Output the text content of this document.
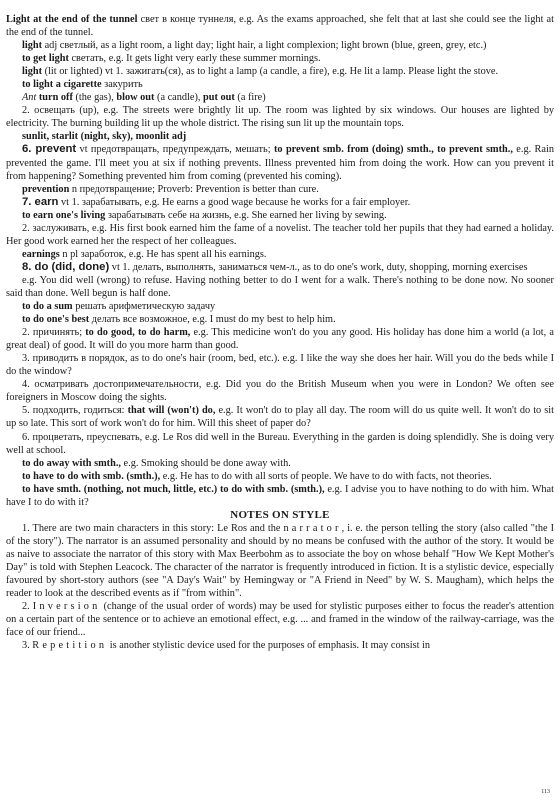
Light at the end of the tunnel свет в конце туннеля, e.g. As the exams approached, she felt that at last she could see the light at the end of the tunnel.

light adj светлый, as a light room, a light day; light hair, a light complexion; light brown (blue, green, grey, etc.)

to get light светать, e.g. It gets light very early these summer mornings.

light (lit or lighted) vt 1. зажигать(ся), as to light a lamp (a candle, a fire), e.g. He lit a lamp. Please light the stove.

to light a cigarette закурить

Ant turn off (the gas), blow out (a candle), put out (a fire)

2. освещать (up), e.g. The streets were brightly lit up. The room was lighted by six windows. Our houses are lighted by electricity. The burning building lit up the whole district. The rising sun lit up the mountain tops.

sunlit, starlit (night, sky), moonlit adj

6. prevent vt предотвращать, предупреждать, мешать; to prevent smb. from (doing) smth., to prevent smth., e.g. Rain prevented the game. I'll meet you at six if nothing prevents. Illness prevented him from doing the work. How can you prevent it from happening? Something prevented him from coming (prevented his coming).

prevention n предотвращение; Proverb: Prevention is better than cure.

7. earn vt 1. зарабатывать, e.g. He earns a good wage because he works for a fair employer.

to earn one's living зарабатывать себе на жизнь, e.g. She earned her living by sewing.

2. заслуживать, e.g. His first book earned him the fame of a novelist. The teacher told her pupils that they had earned a holiday. Her good work earned her the respect of her colleagues.

earnings n pl заработок, e.g. He has spent all his earnings.

8. do (did, done) vt 1. делать, выполнять, заниматься чем-л., as to do one's work, duty, shopping, morning exercises

e.g. You did well (wrong) to refuse. Having nothing better to do I went for a walk. There's nothing to be done now. No sooner said than done. Well begun is half done.

to do a sum решать арифметическую задачу

to do one's best делать все возможное, e.g. I must do my best to help him.

2. причинять; to do good, to do harm, e.g. This medicine won't do you any good. His holiday has done him a world (a lot, a great deal) of good. It will do you more harm than good.

3. приводить в порядок, as to do one's hair (room, bed, etc.). e.g. I like the way she does her hair. Will you do the beds while I do the window?

4. осматривать достопримечательности, e.g. Did you do the British Museum when you were in London? We often see foreigners in Moscow doing the sights.

5. подходить, годиться: that will (won't) do, e.g. It won't do to play all day. The room will do us quite well. It won't do to sit up so late. This sort of work won't do for him. Will this sheet of paper do?

6. процветать, преуспевать, e.g. Le Ros did well in the Bureau. Everything in the garden is doing splendidly. She is doing very well at school.

to do away with smth., e.g. Smoking should be done away with.

to have to do with smb. (smth.), e.g. He has to do with all sorts of people. We have to do with facts, not theories.

to have smth. (nothing, not much, little, etc.) to do with smb. (smth.), e.g. I advise you to have nothing to do with him. What have I to do with it?

NOTES ON STYLE

1. There are two main characters in this story: Le Ros and the narrator, i. e. the person telling the story (also called "the I of the story"). The narrator is an assumed personality and should by no means be confused with the author of the story. It would be as naive to associate the narrator of this story with Max Beerbohm as to associate the boy on whose behalf "How We Kept Mother's Day" is told with Stephen Leacock. The character of the narrator is frequently introduced in fiction. It is a stylistic device, especially favoured by short-story authors (see "A Day's Wait" by Hemingway or "A Friend in Need" by W. S. Maugham), which helps the reader to look at the described events as if "from within".

2. Inversion (change of the usual order of words) may be used for stylistic purposes either to focus the reader's attention on a certain part of the sentence or to achieve an emotional effect, e.g. ... and framed in the window of the railway-carriage, was the face of our friend...

3. Repetition is another stylistic device used for the purposes of emphasis. It may consist in

113
